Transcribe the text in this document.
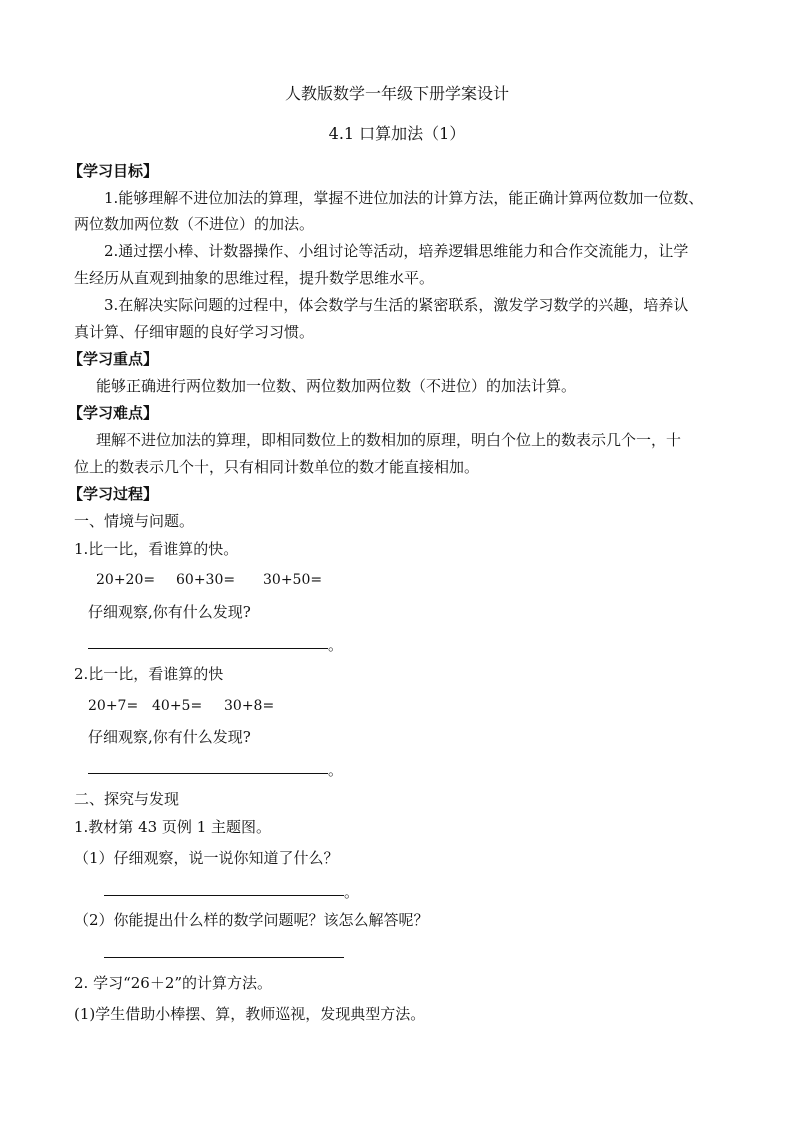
人教版数学一年级下册学案设计
4.1 口算加法（1）
【学习目标】
1.能够理解不进位加法的算理，掌握不进位加法的计算方法，能正确计算两位数加一位数、
两位数加两位数（不进位）的加法。
2.通过摆小棒、计数器操作、小组讨论等活动，培养逻辑思维能力和合作交流能力，让学
生经历从直观到抽象的思维过程，提升数学思维水平。
3.在解决实际问题的过程中，体会数学与生活的紧密联系，激发学习数学的兴趣，培养认
真计算、仔细审题的良好学习习惯。
【学习重点】
能够正确进行两位数加一位数、两位数加两位数（不进位）的加法计算。
【学习难点】
理解不进位加法的算理，即相同数位上的数相加的原理，明白个位上的数表示几个一，十
位上的数表示几个十，只有相同计数单位的数才能直接相加。
【学习过程】
一、情境与问题。
1.比一比，看谁算的快。
20+20= 60+30= 30+50=
仔细观察,你有什么发现?
。
2.比一比，看谁算的快
20+7= 40+5= 30+8=
仔细观察,你有什么发现?
。
二、探究与发现
1.教材第 43 页例 1 主题图。
（1）仔细观察，说一说你知道了什么？
。
（2）你能提出什么样的数学问题呢？该怎么解答呢？
2. 学习“26＋2”的计算方法。
(1)学生借助小棒摆、算，教师巡视，发现典型方法。
